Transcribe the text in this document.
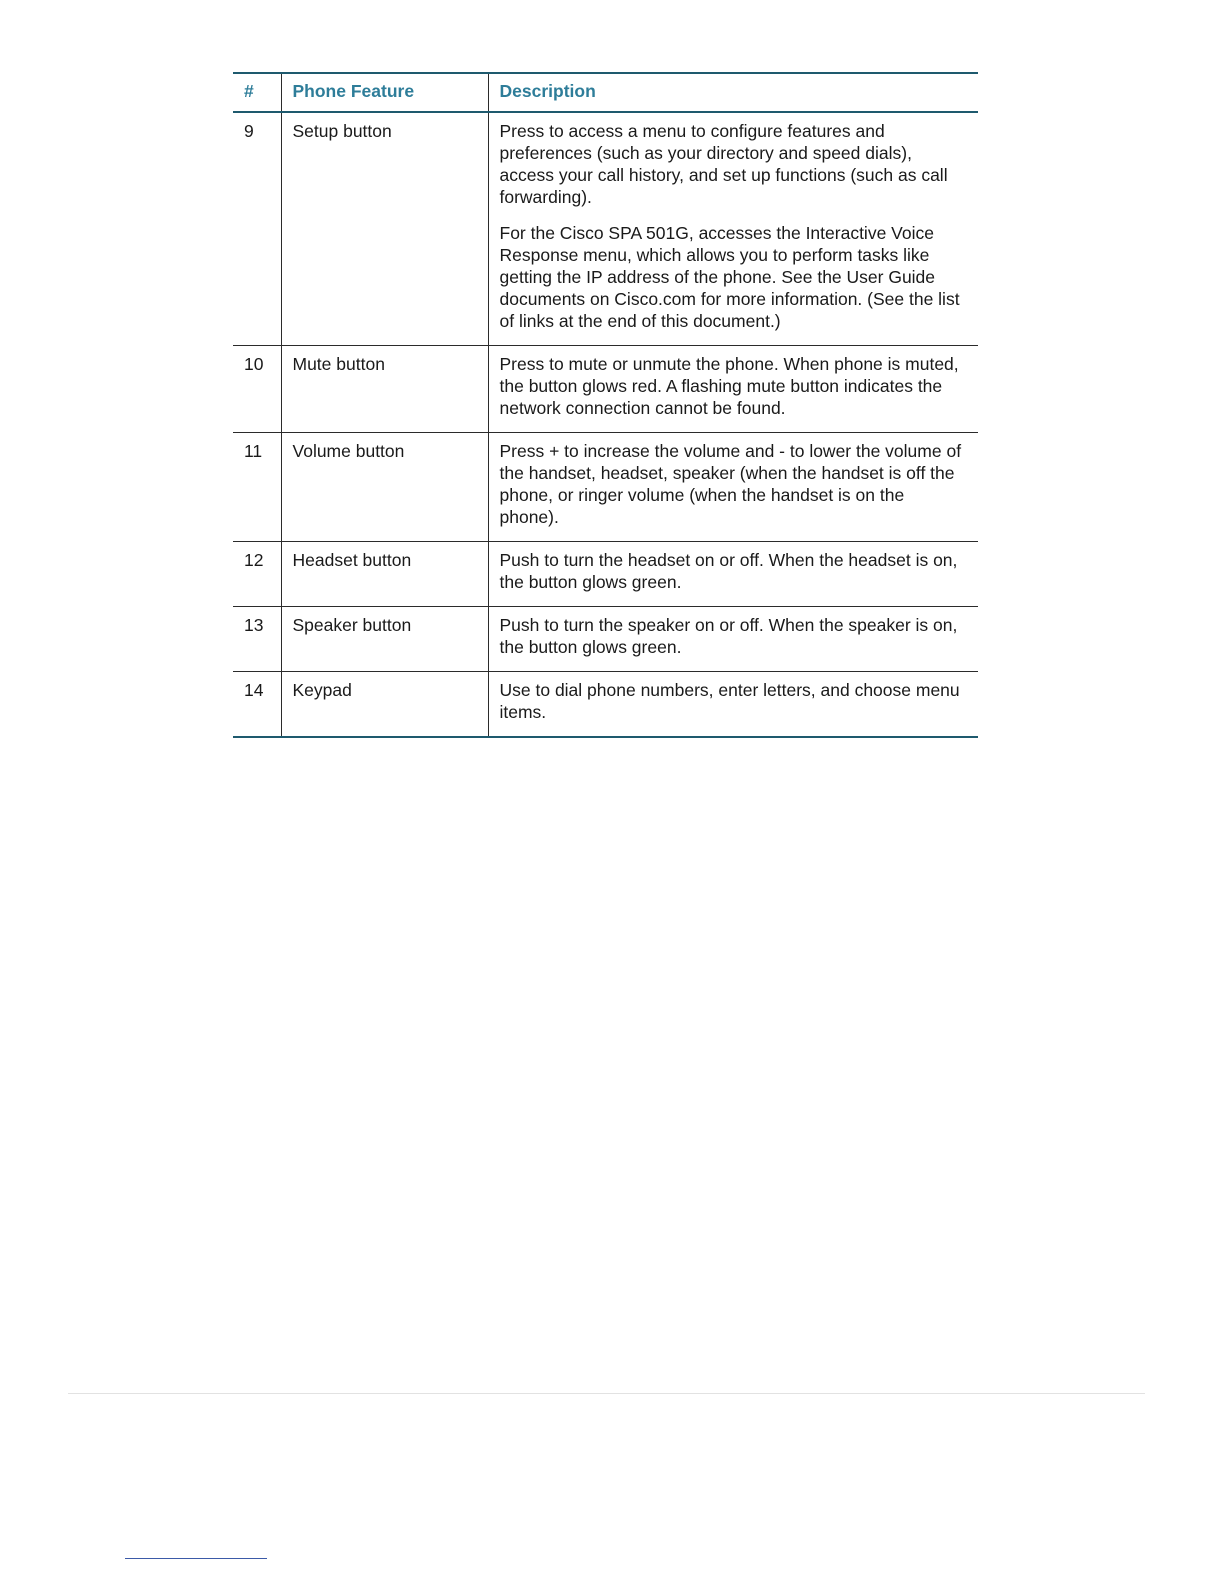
#	Phone Feature	Description
9	Setup button	Press to access a menu to configure features and preferences (such as your directory and speed dials), access your call history, and set up functions (such as call forwarding).

For the Cisco SPA 501G, accesses the Interactive Voice Response menu, which allows you to perform tasks like getting the IP address of the phone. See the User Guide documents on Cisco.com for more information. (See the list of links at the end of this document.)

10	Mute button	Press to mute or unmute the phone. When phone is muted, the button glows red. A flashing mute button indicates the network connection cannot be found.

11	Volume button	Press + to increase the volume and - to lower the volume of the handset, headset, speaker (when the handset is off the phone, or ringer volume (when the handset is on the phone).

12	Headset button	Push to turn the headset on or off. When the headset is on, the button glows green.

13	Speaker button	Push to turn the speaker on or off. When the speaker is on, the button glows green.

14	Keypad	Use to dial phone numbers, enter letters, and choose menu items.
